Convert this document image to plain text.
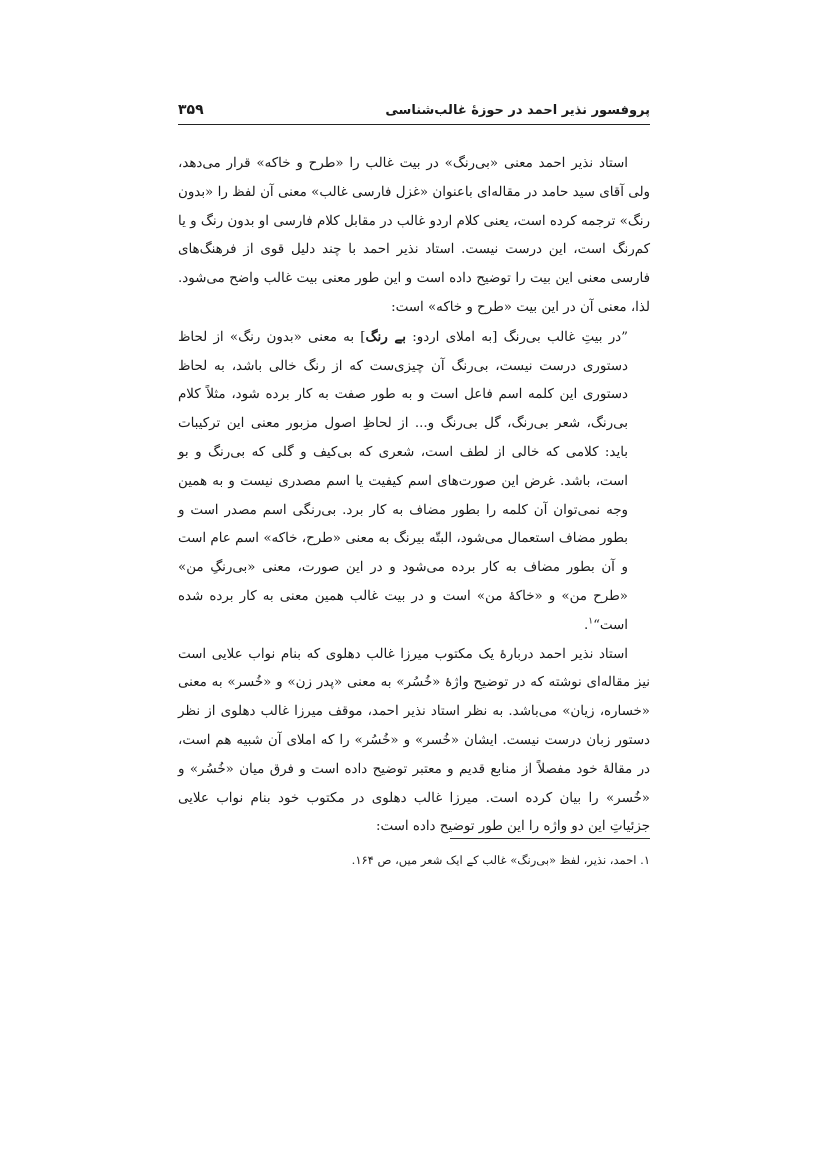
پروفسور نذیر احمد در حوزهٔ غالب‌شناسی
۳۵۹

استاد نذیر احمد معنی «بی‌رنگ» در بیت غالب را «طرح و خاکه» قرار می‌دهد، ولی آقای سید حامد در مقاله‌ای باعنوان «غزل فارسی غالب» معنی آن لفظ را «بدون رنگ» ترجمه کرده است، یعنی کلام اردو غالب در مقابل کلام فارسی او بدون رنگ و یا کم‌رنگ است، این درست نیست. استاد نذیر احمد با چند دلیل قوی از فرهنگ‌های فارسی معنی این بیت را توضیح داده است و این طور معنی بیت غالب واضح می‌شود. لذا، معنی آن در این بیت «طرح و خاکه» است:

”در بیتِ غالب بی‌رنگ [به املای اردو: بے رنگ] به معنی «بدون رنگ» از لحاظ دستوری درست نیست، بی‌رنگ آن چیزی‌ست که از رنگ خالی باشد، به لحاظ دستوری این کلمه اسم فاعل است و به طور صفت به کار برده شود، مثلاً کلام بی‌رنگ، شعر بی‌رنگ، گل بی‌رنگ و... از لحاظِ اصول مزبور معنی این ترکیبات باید: کلامی که خالی از لطف است، شعری که بی‌کیف و گلی که بی‌رنگ و بو است، باشد. غرض این صورت‌های اسم کیفیت یا اسم مصدری نیست و به همین وجه نمی‌توان آن کلمه را بطور مضاف به کار برد. بی‌رنگی اسم مصدر است و بطور مضاف استعمال می‌شود، البتّه بیرنگ به معنی «طرح، خاکه» اسم عام است و آن بطور مضاف به کار برده می‌شود و در این صورت، معنی «بی‌رنگِ من» «طرح من» و «خاکهٔ من» است و در بیت غالب همین معنی به کار برده شده است“$^۱$.

استاد نذیر احمد دربارهٔ یک مکتوب میرزا غالب دهلوی که بنام نواب علایی است نیز مقاله‌ای نوشته که در توضیح واژهٔ «خُسُر» به معنی «پدر زن» و «خُسر» به معنی «خساره، زیان» می‌باشد. به نظر استاد نذیر احمد، موقف میرزا غالب دهلوی از نظر دستور زبان درست نیست. ایشان «خُسر» و «خُسُر» را که املای آن شبیه هم است، در مقالهٔ خود مفصلاً از منابع قدیم و معتبر توضیح داده است و فرق میان «خُسُر» و «خُسر» را بیان کرده است. میرزا غالب دهلوی در مکتوب خود بنام نواب علایی جزئیاتِ این دو واژه را این طور توضیح داده است:

۱. احمد، نذیر، لفظ «بی‌رنگ» غالب کے ایک شعر میں، ص ۱۶۴.
